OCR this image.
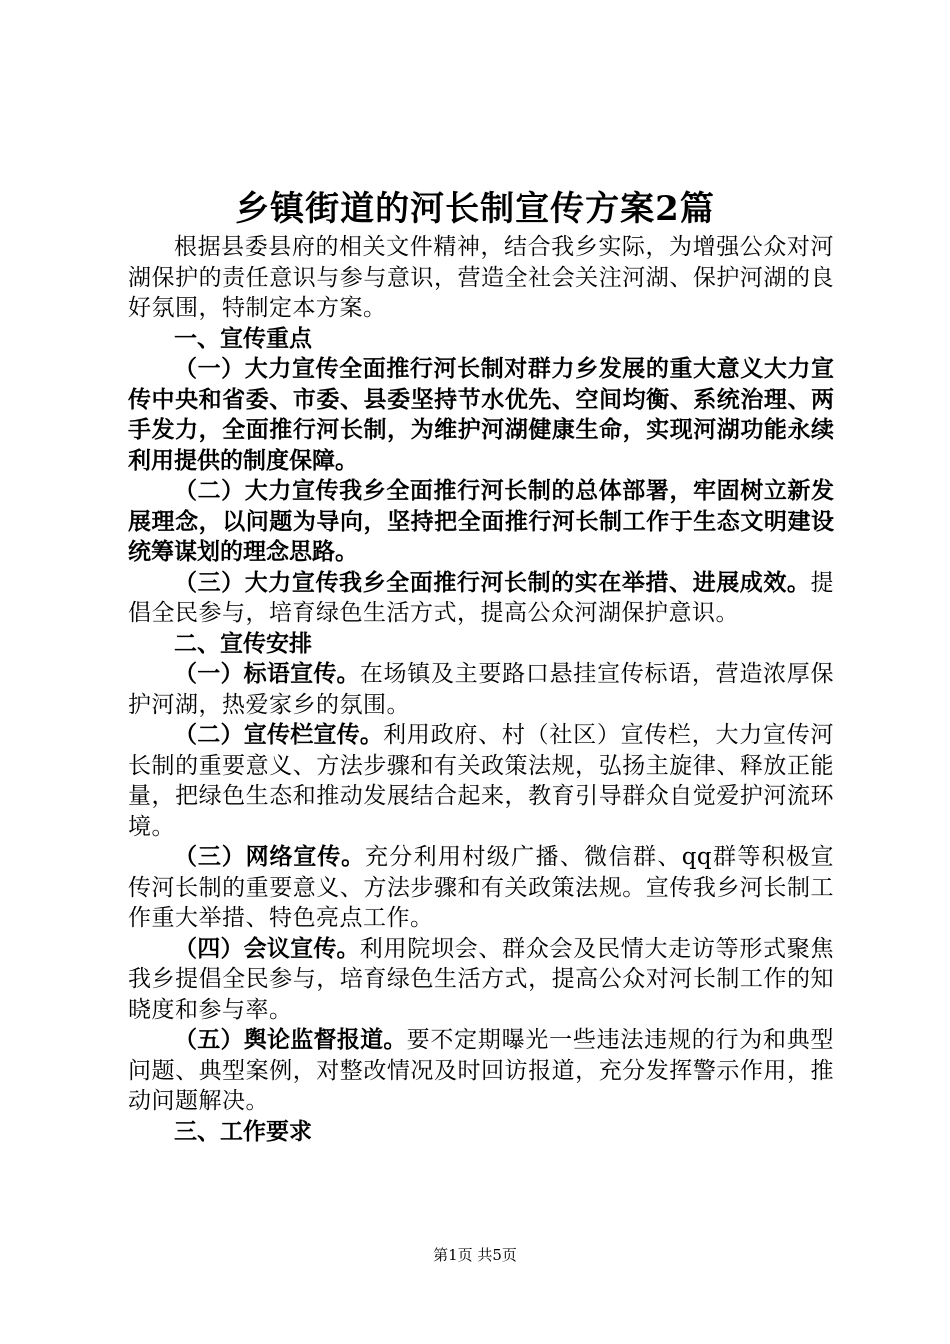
乡镇街道的河长制宣传方案2篇

根据县委县府的相关文件精神，结合我乡实际，为增强公众对河湖保护的责任意识与参与意识，营造全社会关注河湖、保护河湖的良好氛围，特制定本方案。

一、宣传重点

（一）大力宣传全面推行河长制对群力乡发展的重大意义大力宣传中央和省委、市委、县委坚持节水优先、空间均衡、系统治理、两手发力，全面推行河长制，为维护河湖健康生命，实现河湖功能永续利用提供的制度保障。

（二）大力宣传我乡全面推行河长制的总体部署，牢固树立新发展理念，以问题为导向，坚持把全面推行河长制工作于生态文明建设统筹谋划的理念思路。

（三）大力宣传我乡全面推行河长制的实在举措、进展成效。提倡全民参与，培育绿色生活方式，提高公众河湖保护意识。

二、宣传安排

（一）标语宣传。在场镇及主要路口悬挂宣传标语，营造浓厚保护河湖，热爱家乡的氛围。

（二）宣传栏宣传。利用政府、村（社区）宣传栏，大力宣传河长制的重要意义、方法步骤和有关政策法规，弘扬主旋律、释放正能量，把绿色生态和推动发展结合起来，教育引导群众自觉爱护河流环境。

（三）网络宣传。充分利用村级广播、微信群、qq群等积极宣传河长制的重要意义、方法步骤和有关政策法规。宣传我乡河长制工作重大举措、特色亮点工作。

（四）会议宣传。利用院坝会、群众会及民情大走访等形式聚焦我乡提倡全民参与，培育绿色生活方式，提高公众对河长制工作的知晓度和参与率。

（五）舆论监督报道。要不定期曝光一些违法违规的行为和典型问题、典型案例，对整改情况及时回访报道，充分发挥警示作用，推动问题解决。

三、工作要求

第1页 共5页
